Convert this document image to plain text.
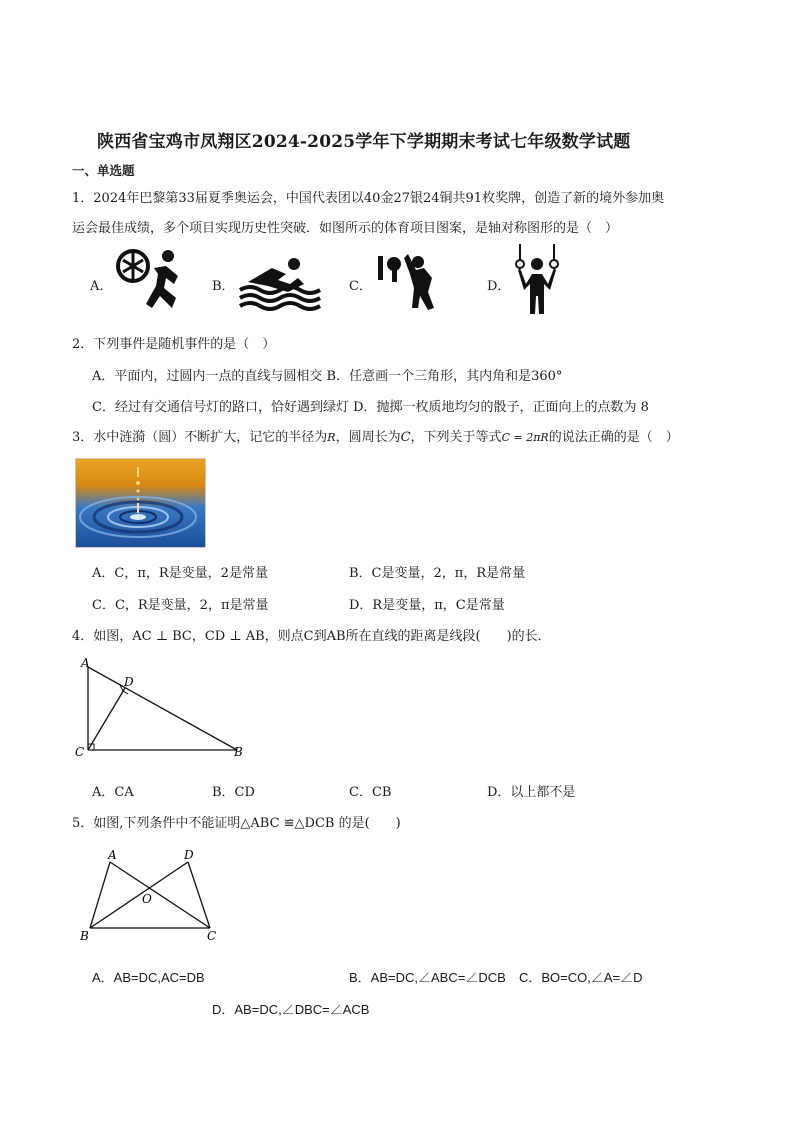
陕西省宝鸡市凤翔区2024-2025学年下学期期末考试七年级数学试题
一、单选题
1．2024年巴黎第33届夏季奥运会，中国代表团以40金27银24铜共91枚奖牌，创造了新的境外参加奥
运会最佳成绩，多个项目实现历史性突破．如图所示的体育项目图案，是轴对称图形的是（　）
A．	B．	C．	D．
2．下列事件是随机事件的是（　）
A．平面内，过圆内一点的直线与圆相交 B．任意画一个三角形，其内角和是360°
C．经过有交通信号灯的路口，恰好遇到绿灯 D．抛掷一枚质地均匀的骰子，正面向上的点数为 8
3．水中涟漪（圆）不断扩大，记它的半径为R，圆周长为C，下列关于等式C = 2πR的说法正确的是（　）
A．C，π，R是变量，2是常量	B．C是变量，2，π，R是常量
C．C，R是变量，2，π是常量	D．R是变量，π，C是常量
4．如图，AC ⊥ BC，CD ⊥ AB，则点C到AB所在直线的距离是线段(　　)的长．
A
D
C	B
A．CA	B．CD	C．CB	D．以上都不是
5．如图,下列条件中不能证明△ABC ≌△DCB 的是(　　)
A	D
O
B	C
A．AB=DC,AC=DB	B．AB=DC,∠ABC=∠DCB C．BO=CO,∠A=∠D
D．AB=DC,∠DBC=∠ACB
